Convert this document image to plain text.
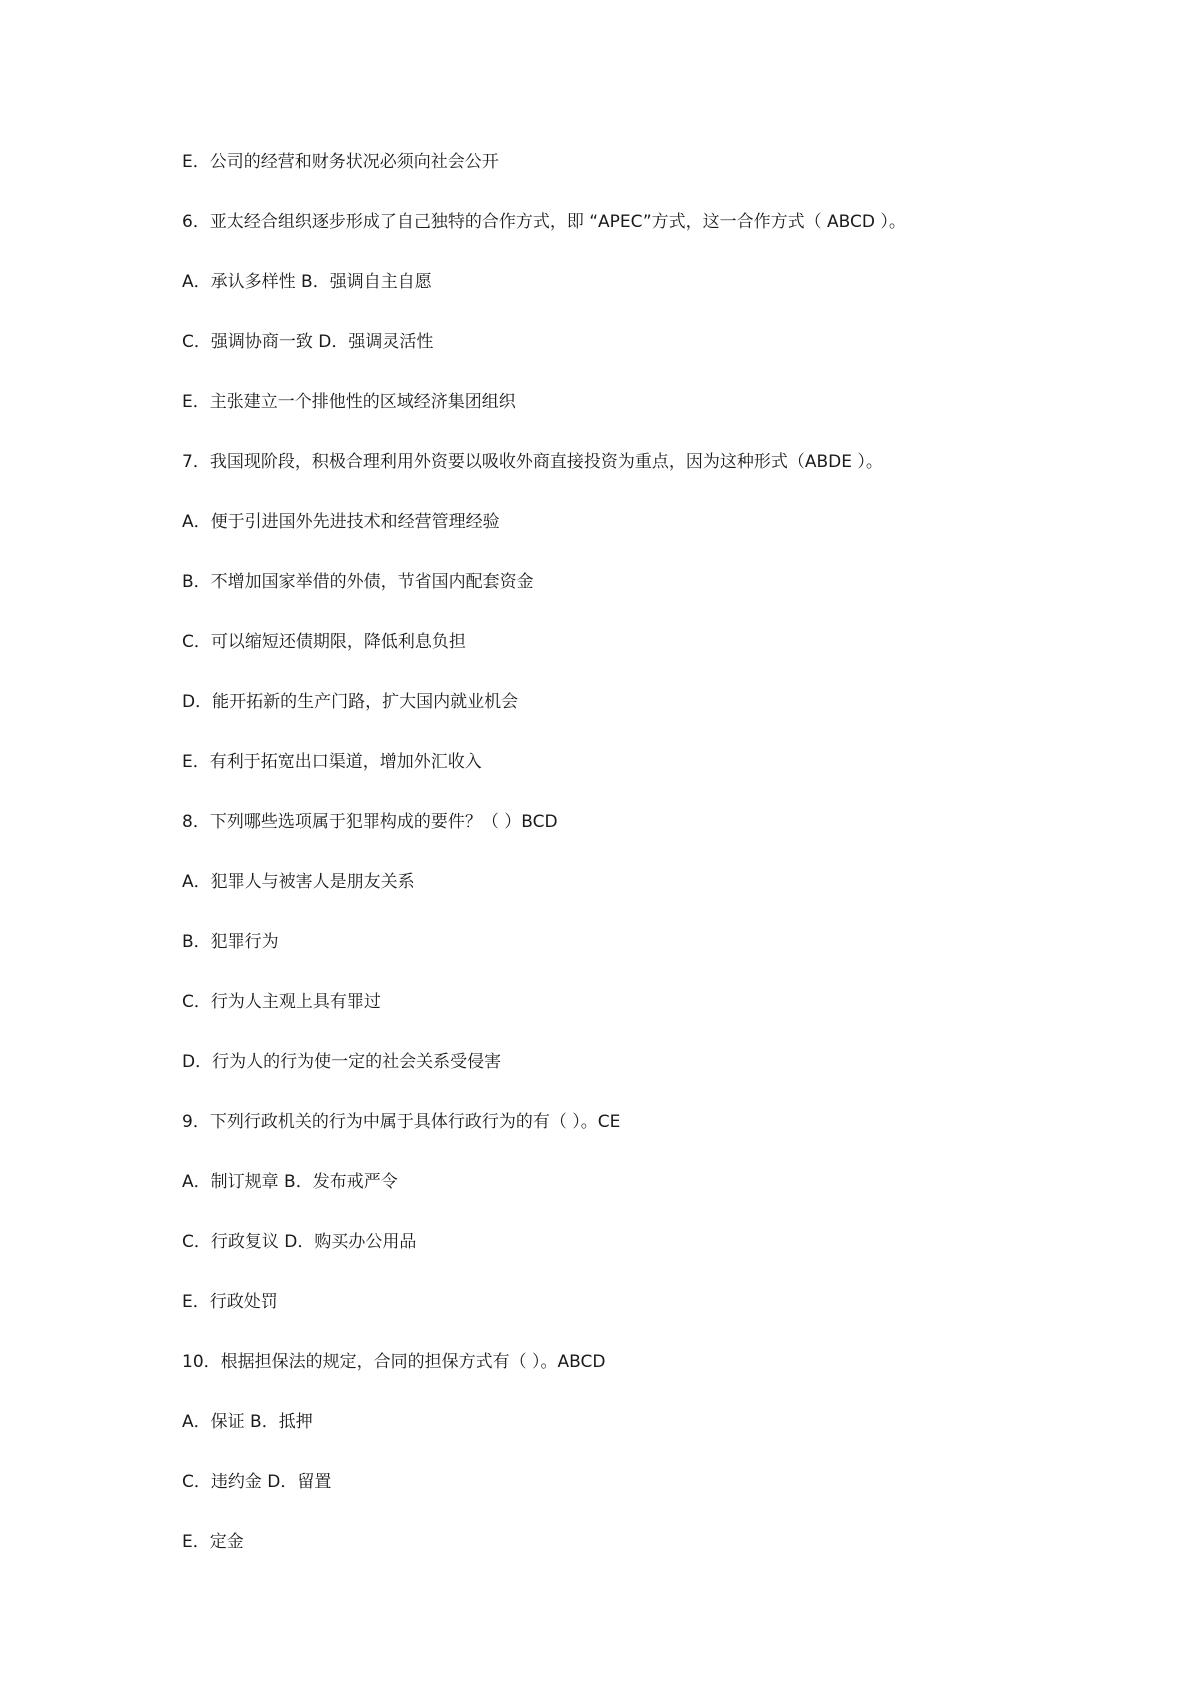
E．公司的经营和财务状况必须向社会公开
6．亚太经合组织逐步形成了自己独特的合作方式，即 “APEC”方式，这一合作方式（ ABCD ）。
A．承认多样性 B．强调自主自愿
C．强调协商一致 D．强调灵活性
E．主张建立一个排他性的区域经济集团组织
7．我国现阶段，积极合理利用外资要以吸收外商直接投资为重点，因为这种形式（ABDE ）。
A．便于引进国外先进技术和经营管理经验
B．不增加国家举借的外债，节省国内配套资金
C．可以缩短还债期限，降低利息负担
D．能开拓新的生产门路，扩大国内就业机会
E．有利于拓宽出口渠道，增加外汇收入
8．下列哪些选项属于犯罪构成的要件？（ ）BCD
A．犯罪人与被害人是朋友关系
B．犯罪行为
C．行为人主观上具有罪过
D．行为人的行为使一定的社会关系受侵害
9．下列行政机关的行为中属于具体行政行为的有（ ）。CE
A．制订规章 B．发布戒严令
C．行政复议 D．购买办公用品
E．行政处罚
10．根据担保法的规定，合同的担保方式有（ ）。ABCD
A．保证 B．抵押
C．违约金 D．留置
E．定金
